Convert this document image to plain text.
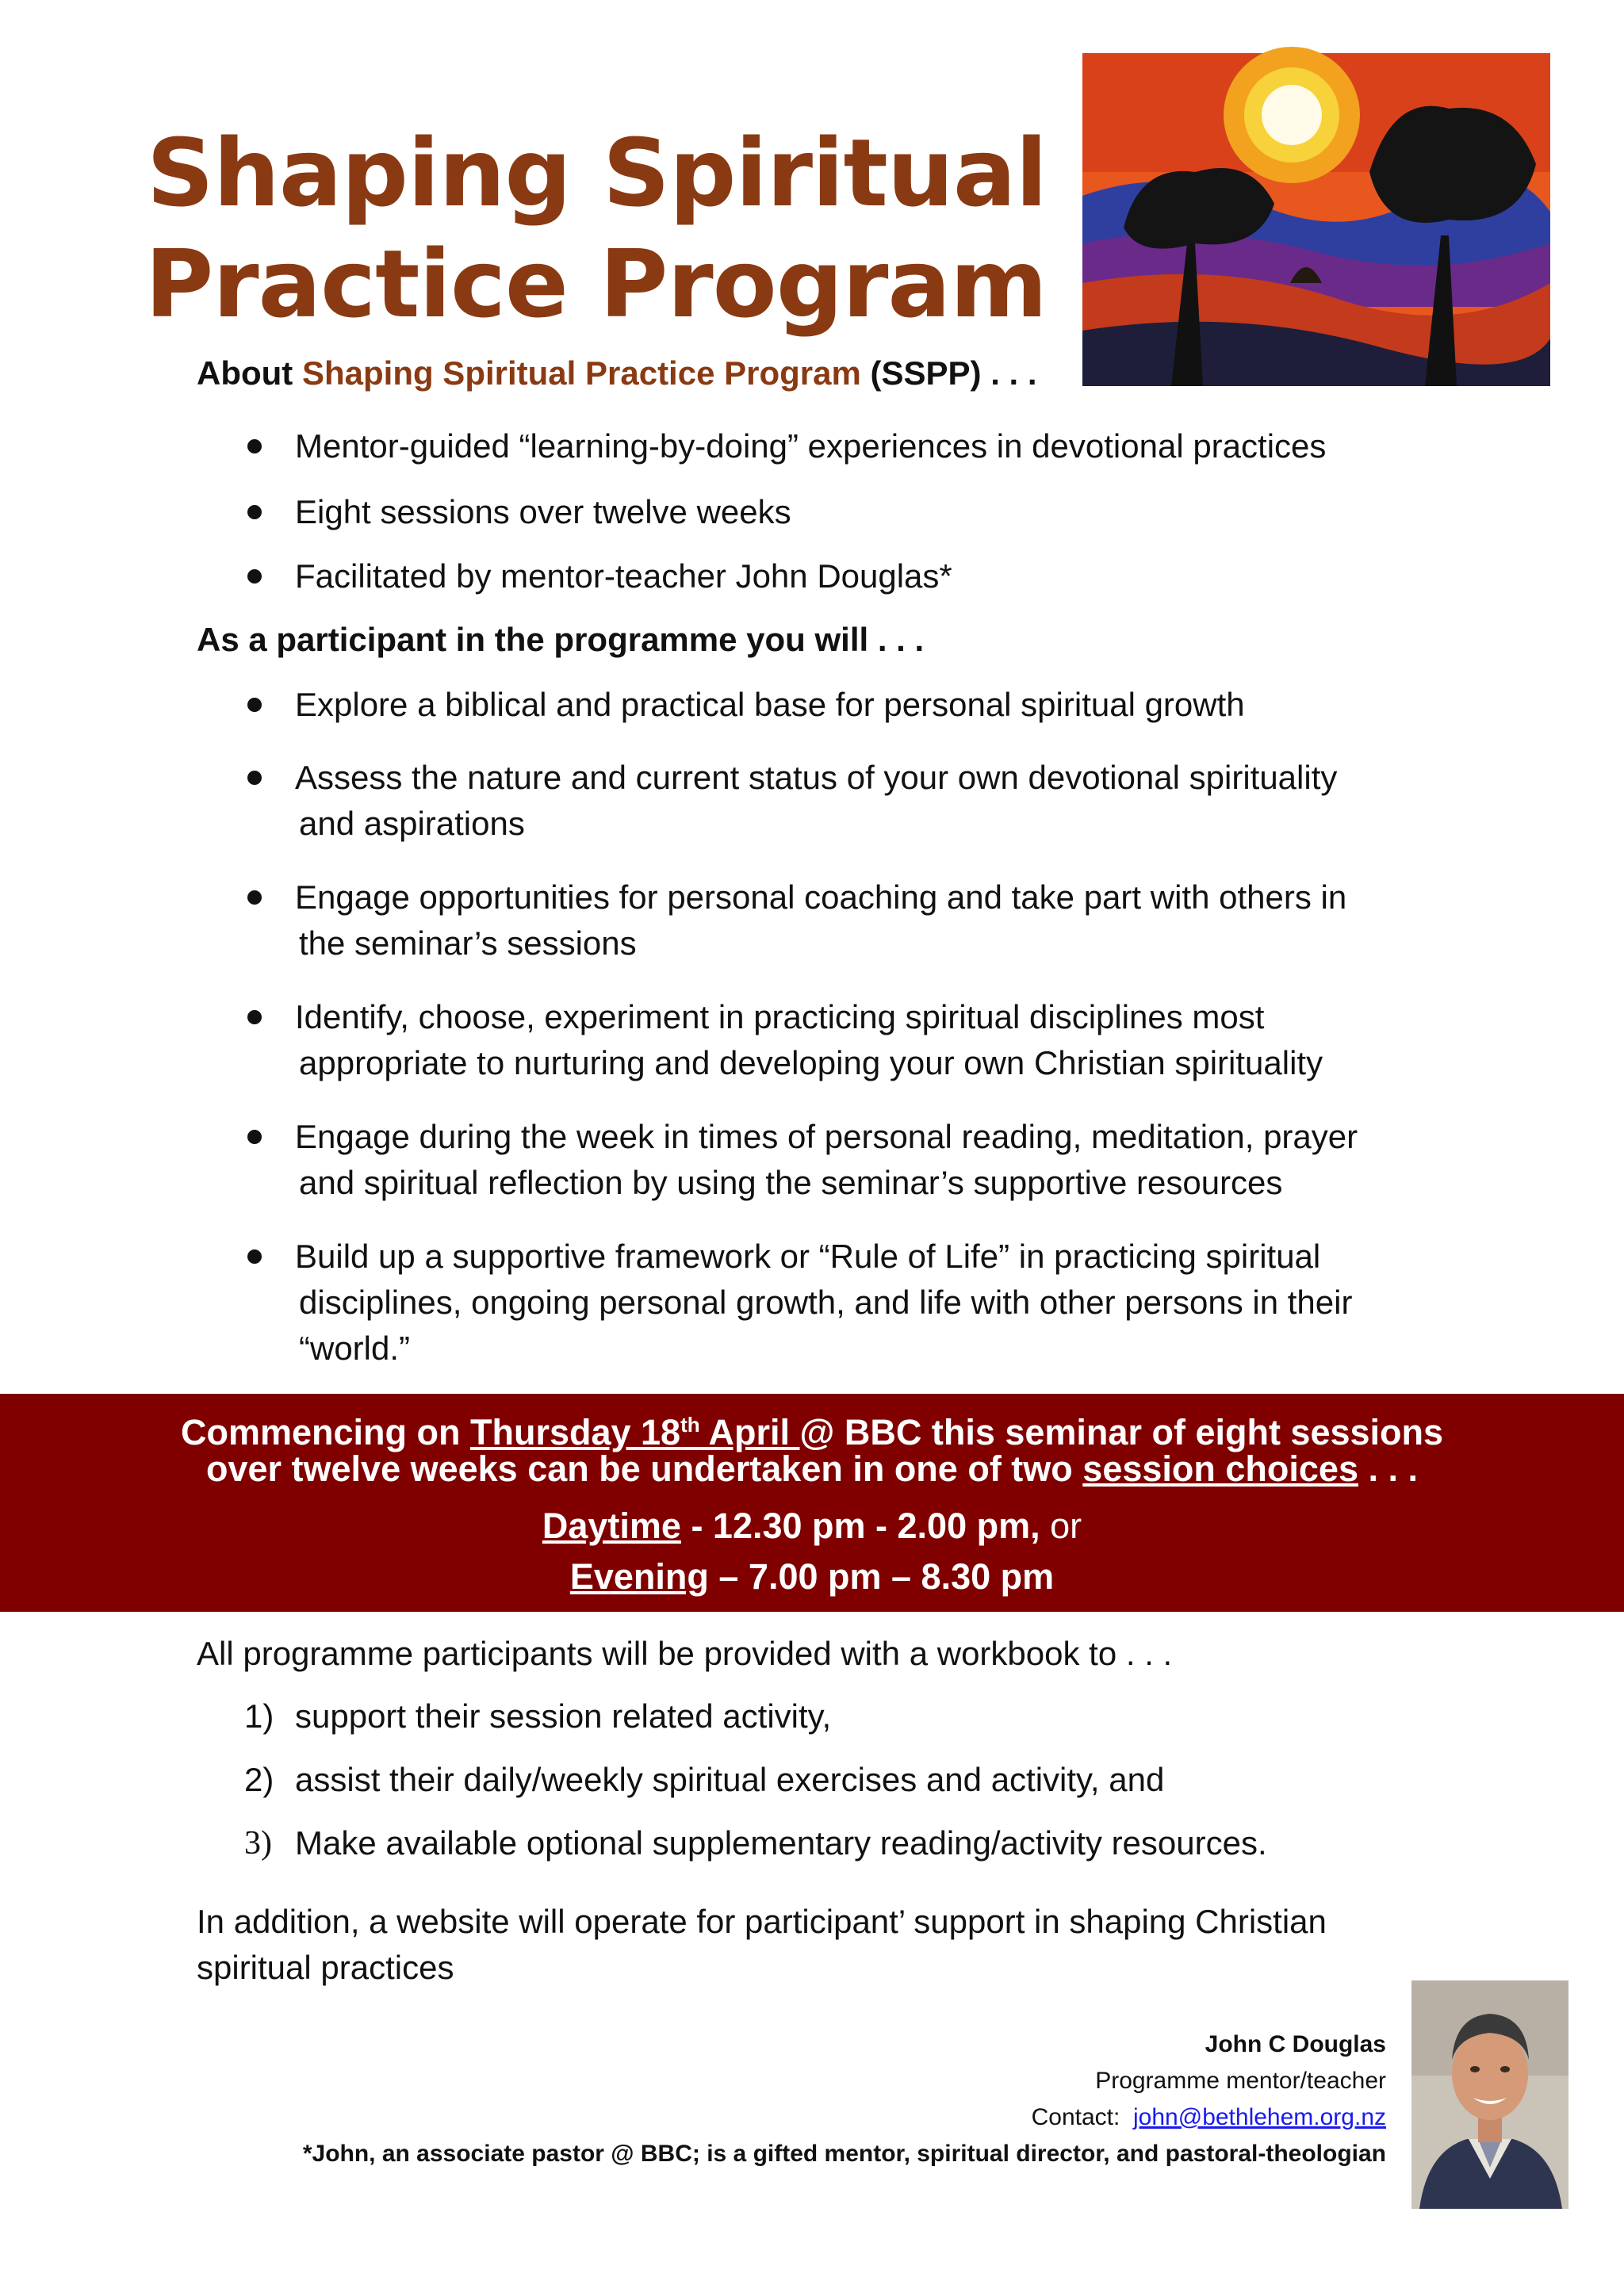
Shaping Spiritual
Practice Program
About Shaping Spiritual Practice Program (SSPP) . . .
Mentor-guided “learning-by-doing” experiences in devotional practices
Eight sessions over twelve weeks
Facilitated by mentor-teacher John Douglas*
As a participant in the programme you will . . .
Explore a biblical and practical base for personal spiritual growth
Assess the nature and current status of your own devotional spirituality
and aspirations
Engage opportunities for personal coaching and take part with others in
the seminar’s sessions
Identify, choose, experiment in practicing spiritual disciplines most
appropriate to nurturing and developing your own Christian spirituality
Engage during the week in times of personal reading, meditation, prayer
and spiritual reflection by using the seminar’s supportive resources
Build up a supportive framework or “Rule of Life” in practicing spiritual
disciplines, ongoing personal growth, and life with other persons in their
“world.”
Commencing on Thursday 18th April @ BBC this seminar of eight sessions
over twelve weeks can be undertaken in one of two session choices . . .
Daytime - 12.30 pm - 2.00 pm, or
Evening – 7.00 pm – 8.30 pm
All programme participants will be provided with a workbook to . . .
1) support their session related activity,
2) assist their daily/weekly spiritual exercises and activity, and
3) Make available optional supplementary reading/activity resources.
In addition, a website will operate for participant’ support in shaping Christian
spiritual practices
John C Douglas
Programme mentor/teacher
Contact: john@bethlehem.org.nz
*John, an associate pastor @ BBC; is a gifted mentor, spiritual director, and pastoral-theologian
